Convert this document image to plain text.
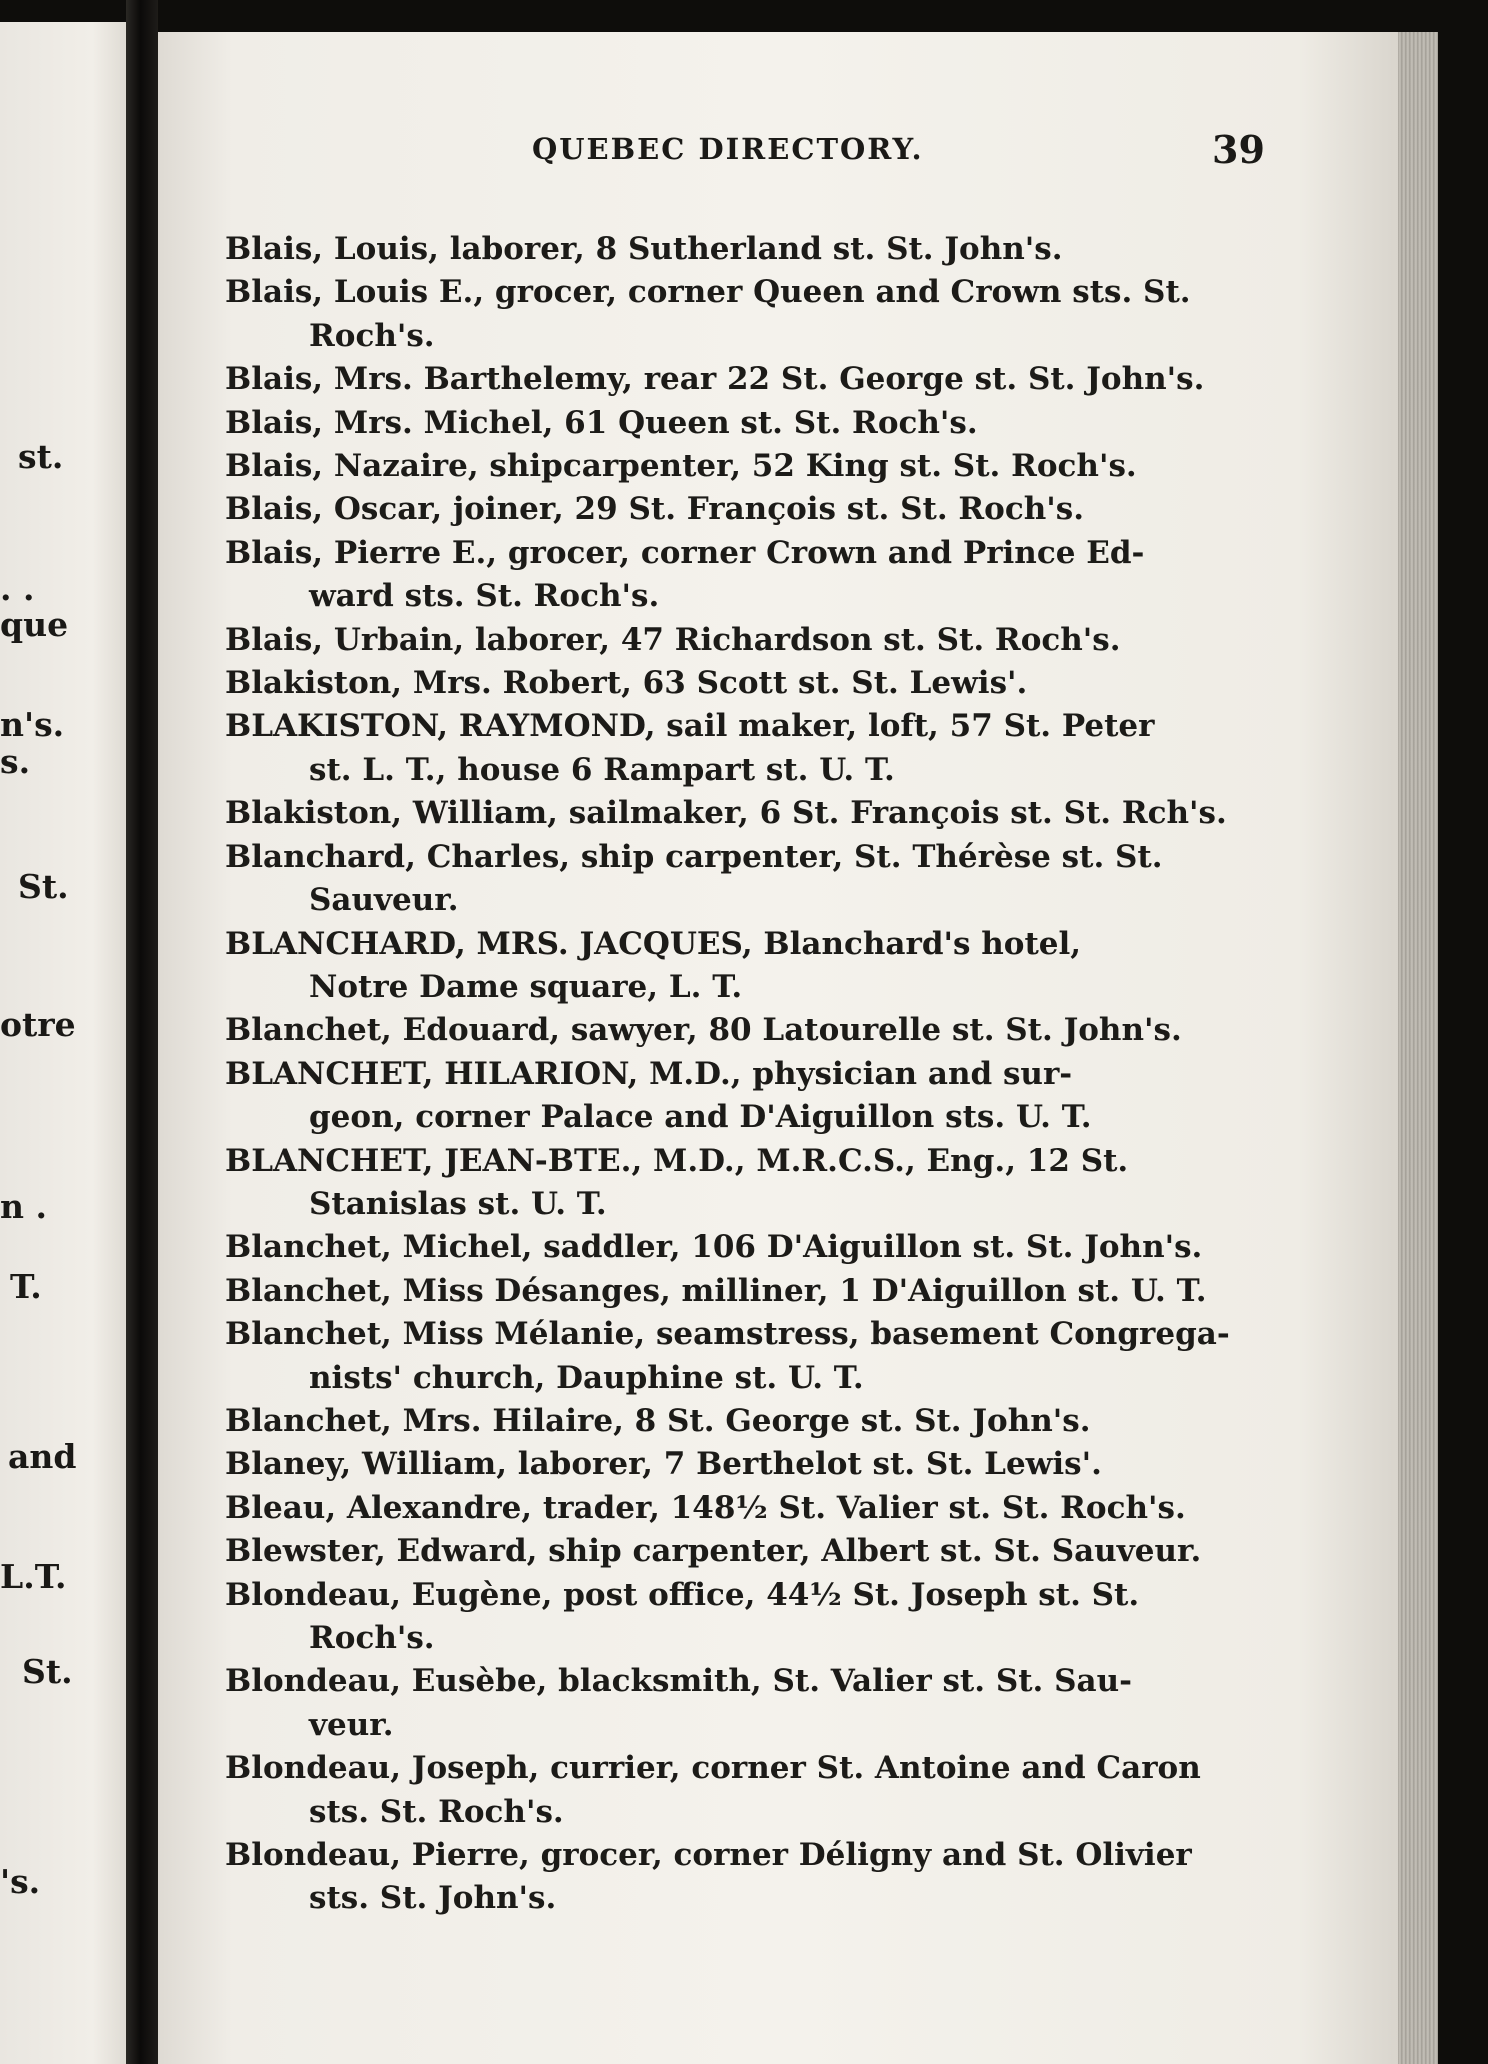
st.
. .
que
n's.
s.
St.
otre
n .
T.
and
L.T.
St.
's.
QUEBEC DIRECTORY.	39
Blais, Louis, laborer, 8 Sutherland st. St. John's.
Blais, Louis E., grocer, corner Queen and Crown sts. St.
Roch's.
Blais, Mrs. Barthelemy, rear 22 St. George st. St. John's.
Blais, Mrs. Michel, 61 Queen st. St. Roch's.
Blais, Nazaire, shipcarpenter, 52 King st. St. Roch's.
Blais, Oscar, joiner, 29 St. François st. St. Roch's.
Blais, Pierre E., grocer, corner Crown and Prince Ed-
ward sts. St. Roch's.
Blais, Urbain, laborer, 47 Richardson st. St. Roch's.
Blakiston, Mrs. Robert, 63 Scott st. St. Lewis'.
BLAKISTON, RAYMOND, sail maker, loft, 57 St. Peter
st. L. T., house 6 Rampart st. U. T.
Blakiston, William, sailmaker, 6 St. François st. St. Rch's.
Blanchard, Charles, ship carpenter, St. Thérèse st. St.
Sauveur.
BLANCHARD, MRS. JACQUES, Blanchard's hotel,
Notre Dame square, L. T.
Blanchet, Edouard, sawyer, 80 Latourelle st. St. John's.
BLANCHET, HILARION, M.D., physician and sur-
geon, corner Palace and D'Aiguillon sts. U. T.
BLANCHET, JEAN-BTE., M.D., M.R.C.S., Eng., 12 St.
Stanislas st. U. T.
Blanchet, Michel, saddler, 106 D'Aiguillon st. St. John's.
Blanchet, Miss Désanges, milliner, 1 D'Aiguillon st. U. T.
Blanchet, Miss Mélanie, seamstress, basement Congrega-
nists' church, Dauphine st. U. T.
Blanchet, Mrs. Hilaire, 8 St. George st. St. John's.
Blaney, William, laborer, 7 Berthelot st. St. Lewis'.
Bleau, Alexandre, trader, 148½ St. Valier st. St. Roch's.
Blewster, Edward, ship carpenter, Albert st. St. Sauveur.
Blondeau, Eugène, post office, 44½ St. Joseph st. St.
Roch's.
Blondeau, Eusèbe, blacksmith, St. Valier st. St. Sau-
veur.
Blondeau, Joseph, currier, corner St. Antoine and Caron
sts. St. Roch's.
Blondeau, Pierre, grocer, corner Déligny and St. Olivier
sts. St. John's.
